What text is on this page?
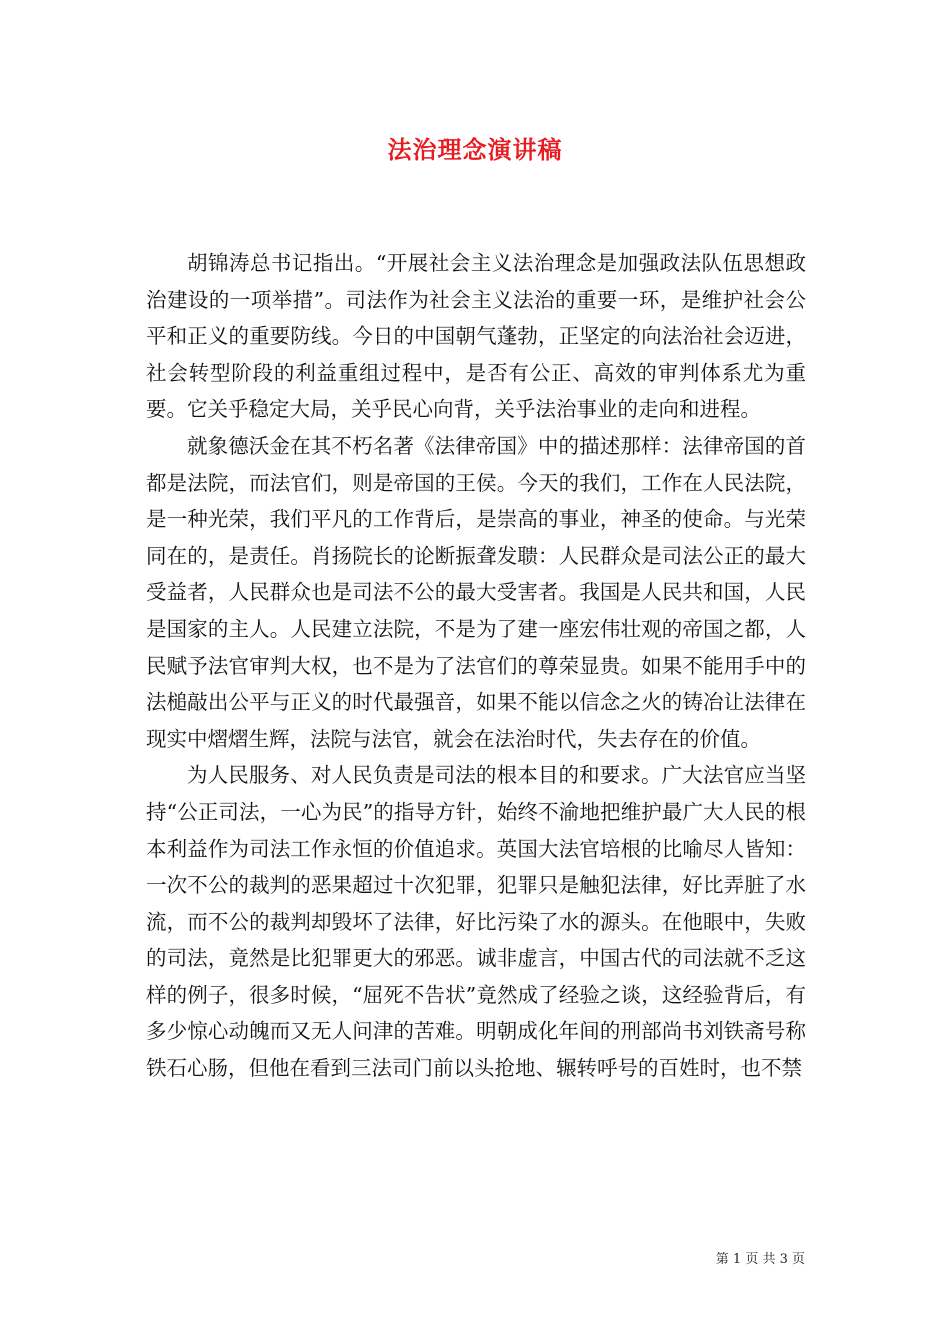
法治理念演讲稿

胡锦涛总书记指出。“开展社会主义法治理念是加强政法队伍思想政治建设的一项举措”。司法作为社会主义法治的重要一环，是维护社会公平和正义的重要防线。今日的中国朝气蓬勃，正坚定的向法治社会迈进，社会转型阶段的利益重组过程中，是否有公正、高效的审判体系尤为重要。它关乎稳定大局，关乎民心向背，关乎法治事业的走向和进程。

就象德沃金在其不朽名著《法律帝国》中的描述那样：法律帝国的首都是法院，而法官们，则是帝国的王侯。今天的我们，工作在人民法院，是一种光荣，我们平凡的工作背后，是崇高的事业，神圣的使命。与光荣同在的，是责任。肖扬院长的论断振聋发聩：人民群众是司法公正的最大受益者，人民群众也是司法不公的最大受害者。我国是人民共和国，人民是国家的主人。人民建立法院，不是为了建一座宏伟壮观的帝国之都，人民赋予法官审判大权，也不是为了法官们的尊荣显贵。如果不能用手中的法槌敲出公平与正义的时代最强音，如果不能以信念之火的铸冶让法律在现实中熠熠生辉，法院与法官，就会在法治时代，失去存在的价值。

为人民服务、对人民负责是司法的根本目的和要求。广大法官应当坚持“公正司法，一心为民”的指导方针，始终不渝地把维护最广大人民的根本利益作为司法工作永恒的价值追求。英国大法官培根的比喻尽人皆知：一次不公的裁判的恶果超过十次犯罪，犯罪只是触犯法律，好比弄脏了水流，而不公的裁判却毁坏了法律，好比污染了水的源头。在他眼中，失败的司法，竟然是比犯罪更大的邪恶。诚非虚言，中国古代的司法就不乏这样的例子，很多时候，“屈死不告状”竟然成了经验之谈，这经验背后，有多少惊心动魄而又无人问津的苦难。明朝成化年间的刑部尚书刘铁斋号称铁石心肠，但他在看到三法司门前以头抢地、辗转呼号的百姓时，也不禁

第 1 页 共 3 页
